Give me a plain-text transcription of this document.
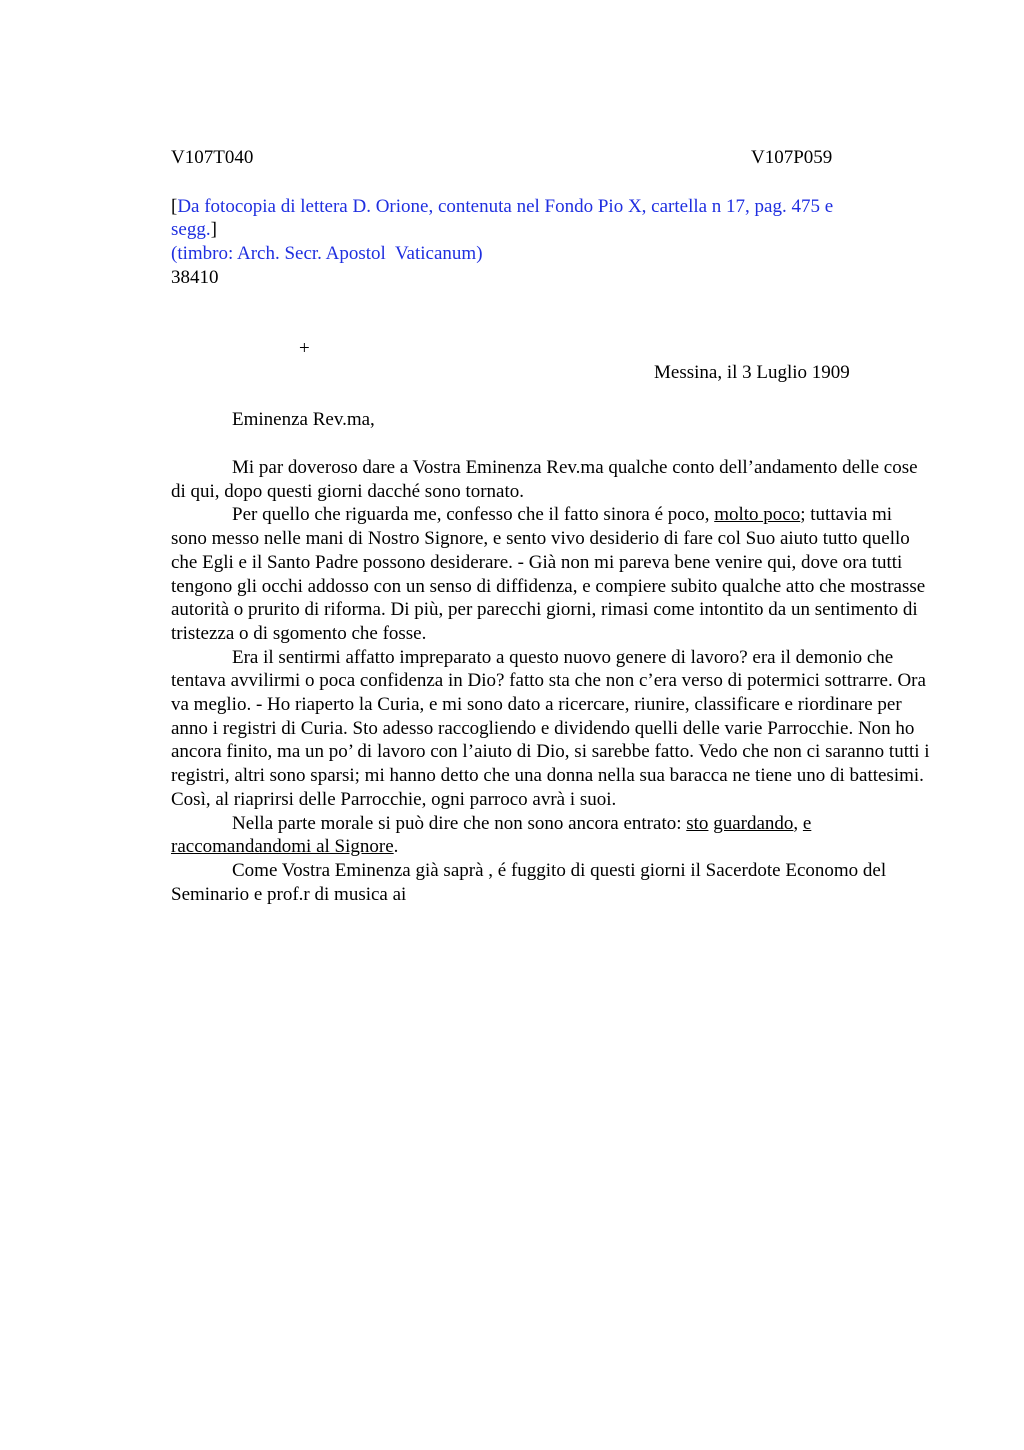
V107T040	V107P059
[Da fotocopia di lettera D. Orione, contenuta nel Fondo Pio X, cartella n 17, pag. 475 e
segg.]
(timbro: Arch. Secr. Apostol  Vaticanum)
38410
+
Messina, il 3 Luglio 1909
Eminenza Rev.ma,

Mi par doveroso dare a Vostra Eminenza Rev.ma qualche conto dell’andamento delle cose di qui, dopo questi giorni dacché sono tornato.

Per quello che riguarda me, confesso che il fatto sinora é poco, molto poco; tuttavia mi sono messo nelle mani di Nostro Signore, e sento vivo desiderio di fare col Suo aiuto tutto quello che Egli e il Santo Padre possono desiderare. - Già non mi pareva bene venire qui, dove ora tutti tengono gli occhi addosso con un senso di diffidenza, e compiere subito qualche atto che mostrasse autorità o prurito di riforma. Di più, per parecchi giorni, rimasi come intontito da un sentimento di tristezza o di sgomento che fosse.

Era il sentirmi affatto impreparato a questo nuovo genere di lavoro? era il demonio che tentava avvilirmi o poca confidenza in Dio? fatto sta che non c’era verso di potermici sottrarre. Ora va meglio. - Ho riaperto la Curia, e mi sono dato a ricercare, riunire, classificare e riordinare per anno i registri di Curia. Sto adesso raccogliendo e dividendo quelli delle varie Parrocchie. Non ho ancora finito, ma un po’ di lavoro con l’aiuto di Dio, si sarebbe fatto. Vedo che non ci saranno tutti i registri, altri sono sparsi; mi hanno detto che una donna nella sua baracca ne tiene uno di battesimi. Così, al riaprirsi delle Parrocchie, ogni parroco avrà i suoi.

Nella parte morale si può dire che non sono ancora entrato: sto guardando, e raccomandandomi al Signore.

Come Vostra Eminenza già saprà , é fuggito di questi giorni il Sacerdote Economo del Seminario e prof.r di musica ai
